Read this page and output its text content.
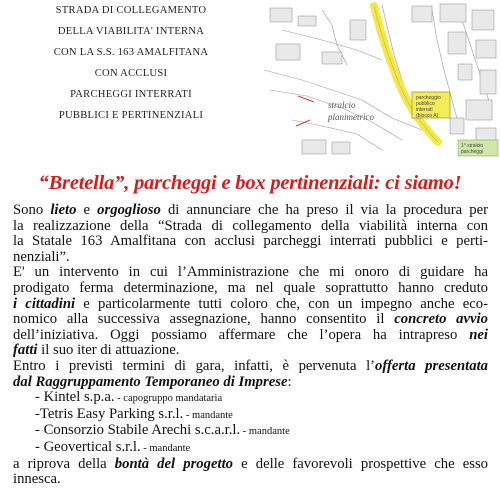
STRADA DI COLLEGAMENTO
DELLA VIABILITA' INTERNA
CON LA S.S. 163 AMALFITANA
CON ACCLUSI
PARCHEGGI INTERRATI
PUBBLICI E PERTINENZIALI
parcheggio
pubblico
interrati
(blocco A)
1° stralcio
parcheggi
stralcio
planimetrico
“Bretella”, parcheggi e box pertinenziali: ci siamo!
Sono lieto e orgoglioso di annunciare che ha preso il via la procedura per
la realizzazione della “Strada di collegamento della viabilità interna con
la Statale 163 Amalfitana con acclusi parcheggi interrati pubblici e perti-
nenziali”.
E' un intervento in cui l’Amministrazione che mi onoro di guidare ha
prodigato ferma determinazione, ma nel quale soprattutto hanno creduto
i cittadini e particolarmente tutti coloro che, con un impegno anche eco-
nomico alla successiva assegnazione, hanno consentito il concreto avvio
dell’iniziativa. Oggi possiamo affermare che l’opera ha intrapreso nei
fatti il suo iter di attuazione.
Entro i previsti termini di gara, infatti, è pervenuta l’offerta presentata
dal Raggruppamento Temporaneo di Imprese:
- Kintel s.p.a. - capogruppo mandataria
-Tetris Easy Parking s.r.l. - mandante
- Consorzio Stabile Arechi s.c.a.r.l. - mandante
- Geovertical s.r.l. - mandante
a riprova della bontà del progetto e delle favorevoli prospettive che esso
innesca.
